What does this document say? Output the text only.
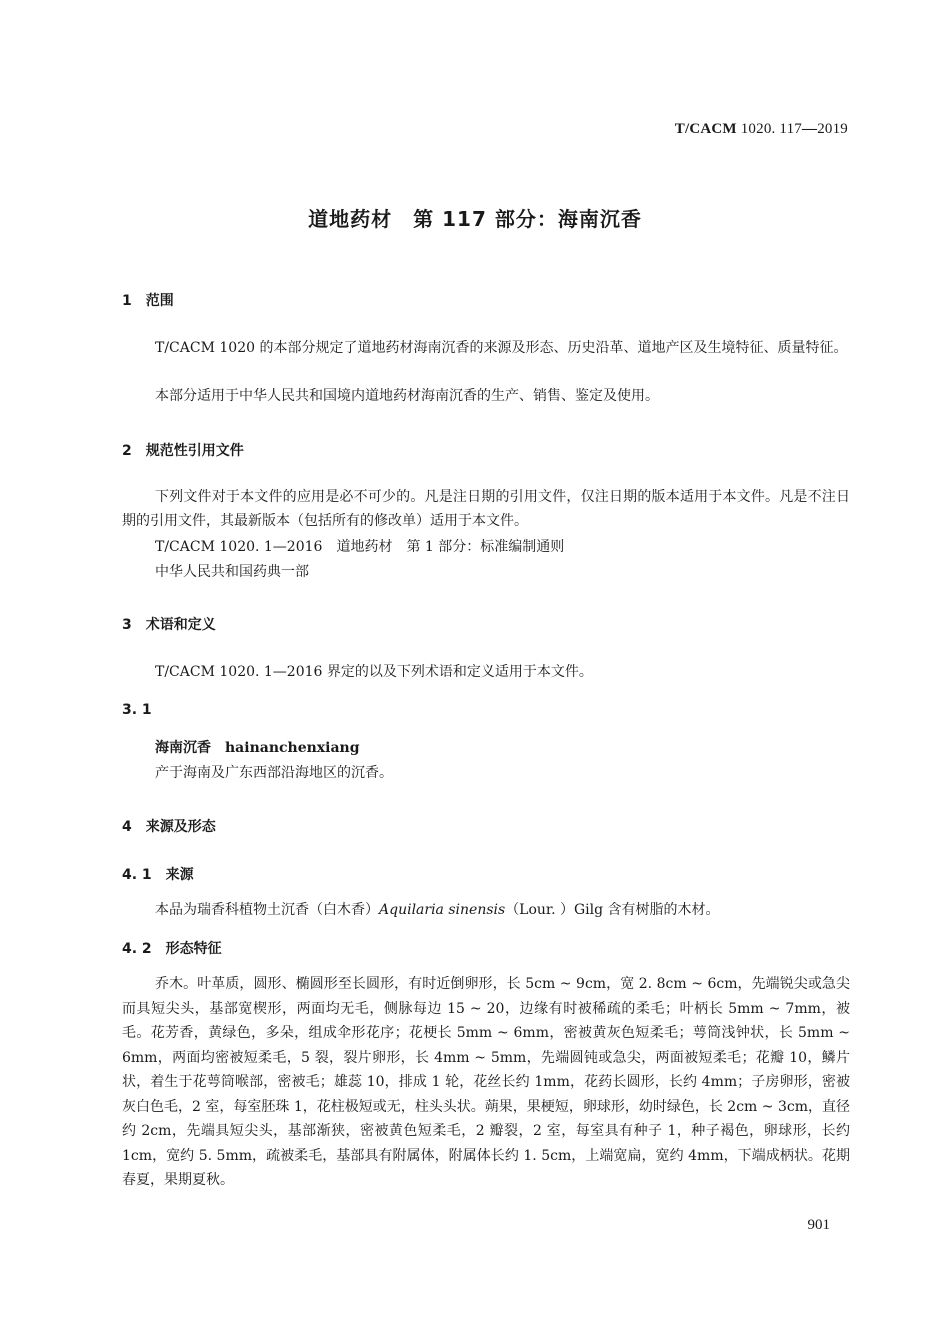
T/CACM 1020. 117—2019
道地药材　第 117 部分：海南沉香
1　范围
T/CACM 1020 的本部分规定了道地药材海南沉香的来源及形态、历史沿革、道地产区及生境特征、质量特征。
本部分适用于中华人民共和国境内道地药材海南沉香的生产、销售、鉴定及使用。
2　规范性引用文件
下列文件对于本文件的应用是必不可少的。凡是注日期的引用文件，仅注日期的版本适用于本文件。凡是不注日期的引用文件，其最新版本（包括所有的修改单）适用于本文件。
T/CACM 1020. 1—2016　道地药材　第 1 部分：标准编制通则
中华人民共和国药典一部
3　术语和定义
T/CACM 1020. 1—2016 界定的以及下列术语和定义适用于本文件。
3. 1
海南沉香　hainanchenxiang
产于海南及广东西部沿海地区的沉香。
4　来源及形态
4. 1　来源
本品为瑞香科植物土沉香（白木香）Aquilaria sinensis（Lour. ）Gilg 含有树脂的木材。
4. 2　形态特征
乔木。叶革质，圆形、椭圆形至长圆形，有时近倒卵形，长 5cm ~ 9cm，宽 2. 8cm ~ 6cm，先端锐尖或急尖而具短尖头，基部宽楔形，两面均无毛，侧脉每边 15 ~ 20，边缘有时被稀疏的柔毛；叶柄长 5mm ~ 7mm，被毛。花芳香，黄绿色，多朵，组成伞形花序；花梗长 5mm ~ 6mm，密被黄灰色短柔毛；萼筒浅钟状，长 5mm ~ 6mm，两面均密被短柔毛，5 裂，裂片卵形，长 4mm ~ 5mm，先端圆钝或急尖，两面被短柔毛；花瓣 10，鳞片状，着生于花萼筒喉部，密被毛；雄蕊 10，排成 1 轮，花丝长约 1mm，花药长圆形，长约 4mm；子房卵形，密被灰白色毛，2 室，每室胚珠 1，花柱极短或无，柱头头状。蒴果，果梗短，卵球形，幼时绿色，长 2cm ~ 3cm，直径约 2cm，先端具短尖头，基部渐狭，密被黄色短柔毛，2 瓣裂，2 室，每室具有种子 1，种子褐色，卵球形，长约 1cm，宽约 5. 5mm，疏被柔毛，基部具有附属体，附属体长约 1. 5cm，上端宽扁，宽约 4mm，下端成柄状。花期春夏，果期夏秋。
901
